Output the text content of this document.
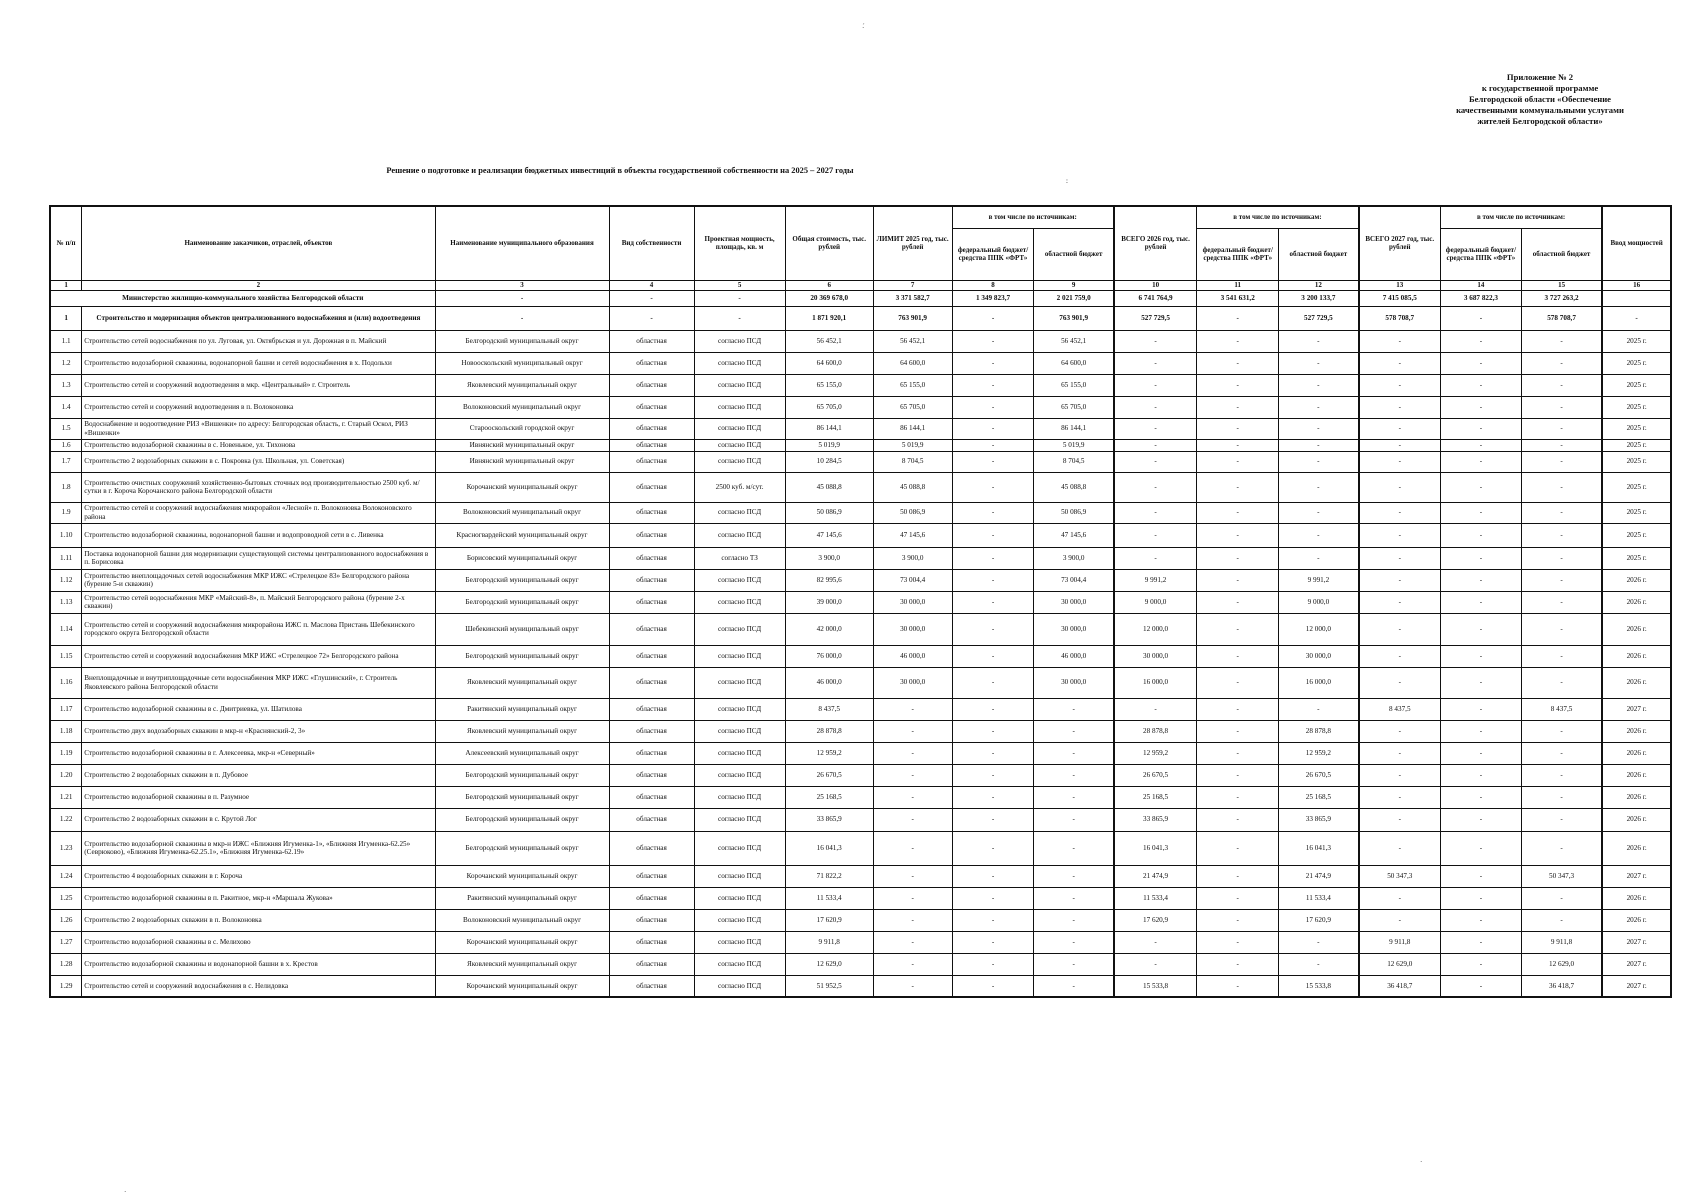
Приложение № 2
к государственной программе
Белгородской области «Обеспечение
качественными коммунальными услугами
жителей Белгородской области»
Решение о подготовке и реализации бюджетных инвестиций в объекты государственной собственности на 2025 – 2027 годы
:
·́
·
·
№ п/п	Наименование заказчиков, отраслей, объектов	Наименование муниципального образования	Вид собственности	Проектная мощность, площадь, кв. м	Общая стоимость, тыс. рублей	ЛИМИТ 2025 год, тыс. рублей	в том числе по источникам:		ВСЕГО 2026 год, тыс. рублей	в том числе по источникам:		ВСЕГО 2027 год, тыс. рублей	в том числе по источникам:		Ввод мощностей
							федеральный бюджет/ средства ППК «ФРТ»	областной бюджет		федеральный бюджет/ средства ППК «ФРТ»	областной бюджет		федеральный бюджет/ средства ППК «ФРТ»	областной бюджет	
1	2	3	4	5	6	7	8	9	10	11	12	13	14	15	16
Министерство жилищно-коммунального хозяйства Белгородской области		-	-	-	20 369 678,0	3 371 582,7	1 349 823,7	2 021 759,0	6 741 764,9	3 541 631,2	3 200 133,7	7 415 085,5	3 687 822,3	3 727 263,2	
1	Строительство и модернизация объектов централизованного водоснабжения и (или) водоотведения	-	-	-	1 871 920,1	763 901,9	-	763 901,9	527 729,5	-	527 729,5	578 708,7	-	578 708,7	-
1.1	Строительство сетей водоснабжения по ул. Луговая, ул. Октябрьская и ул. Дорожная в п. Майский	Белгородский муниципальный округ	областная	согласно ПСД	56 452,1	56 452,1	-	56 452,1	-	-	-	-	-	-	2025 г.
1.2	Строительство водозаборной скважины, водонапорной башни и сетей водоснабжения в х. Подольхи	Новооскольский муниципальный округ	областная	согласно ПСД	64 600,0	64 600,0	-	64 600,0	-	-	-	-	-	-	2025 г.
1.3	Строительство сетей и сооружений водоотведения в мкр. «Центральный» г. Строитель	Яковлевский муниципальный округ	областная	согласно ПСД	65 155,0	65 155,0	-	65 155,0	-	-	-	-	-	-	2025 г.
1.4	Строительство сетей и сооружений водоотведения в п. Волоконовка	Волоконовский муниципальный округ	областная	согласно ПСД	65 705,0	65 705,0	-	65 705,0	-	-	-	-	-	-	2025 г.
1.5	Водоснабжение и водоотведение РИЗ «Вишенки» по адресу: Белгородская область, г. Старый Оскол, РИЗ «Вишенки»	Старооскольский городской округ	областная	согласно ПСД	86 144,1	86 144,1	-	86 144,1	-	-	-	-	-	-	2025 г.
1.6	Строительство водозаборной скважины в с. Новенькое, ул. Тихонова	Ивнянский муниципальный округ	областная	согласно ПСД	5 019,9	5 019,9	-	5 019,9	-	-	-	-	-	-	2025 г.
1.7	Строительство 2 водозаборных скважин в с. Покровка (ул. Школьная, ул. Советская)	Ивнянский муниципальный округ	областная	согласно ПСД	10 284,5	8 704,5	-	8 704,5	-	-	-	-	-	-	2025 г.
1.8	Строительство очистных сооружений хозяйственно-бытовых сточных вод производительностью 2500 куб. м/сутки в г. Короча Корочанского района Белгородской области	Корочанский муниципальный округ	областная	2500 куб. м/сут.	45 088,8	45 088,8	-	45 088,8	-	-	-	-	-	-	2025 г.
1.9	Строительство сетей и сооружений водоснабжения микрорайон «Лесной» п. Волоконовка Волоконовского района	Волоконовский муниципальный округ	областная	согласно ПСД	50 086,9	50 086,9	-	50 086,9	-	-	-	-	-	-	2025 г.
1.10	Строительство водозаборной скважины, водонапорной башни и водопроводной сети в с. Ливенка	Красногвардейский муниципальный округ	областная	согласно ПСД	47 145,6	47 145,6	-	47 145,6	-	-	-	-	-	-	2025 г.
1.11	Поставка водонапорной башни для модернизации существующей системы централизованного водоснабжения в п. Борисовка	Борисовский муниципальный округ	областная	согласно ТЗ	3 900,0	3 900,0	-	3 900,0	-	-	-	-	-	-	2025 г.
1.12	Строительство внеплощадочных сетей водоснабжения МКР ИЖС «Стрелецкое 83» Белгородского района (бурение 5-и скважин)	Белгородский муниципальный округ	областная	согласно ПСД	82 995,6	73 004,4	-	73 004,4	9 991,2	-	9 991,2	-	-	-	2026 г.
1.13	Строительство сетей водоснабжения МКР «Майский-8», п. Майский Белгородского района (бурение 2-х скважин)	Белгородский муниципальный округ	областная	согласно ПСД	39 000,0	30 000,0	-	30 000,0	9 000,0	-	9 000,0	-	-	-	2026 г.
1.14	Строительство сетей и сооружений водоснабжения микрорайона ИЖС п. Маслова Пристань Шебекинского городского округа Белгородской области	Шебекинский муниципальный округ	областная	согласно ПСД	42 000,0	30 000,0	-	30 000,0	12 000,0	-	12 000,0	-	-	-	2026 г.
1.15	Строительство сетей и сооружений водоснабжения МКР ИЖС «Стрелецкое 72» Белгородского района	Белгородский муниципальный округ	областная	согласно ПСД	76 000,0	46 000,0	-	46 000,0	30 000,0	-	30 000,0	-	-	-	2026 г.
1.16	Внеплощадочные и внутриплощадочные сети водоснабжения МКР ИЖС «Глушинский», г. Строитель Яковлевского района Белгородской области	Яковлевский муниципальный округ	областная	согласно ПСД	46 000,0	30 000,0	-	30 000,0	16 000,0	-	16 000,0	-	-	-	2026 г.
1.17	Строительство водозаборной скважины в с. Дмитриевка, ул. Шатилова	Ракитянский муниципальный округ	областная	согласно ПСД	8 437,5	-	-	-	-	-	-	8 437,5	-	8 437,5	2027 г.
1.18	Строительство двух водозаборных скважин в мкр-н «Краснянский-2, 3»	Яковлевский муниципальный округ	областная	согласно ПСД	28 878,8	-	-	-	28 878,8	-	28 878,8	-	-	-	2026 г.
1.19	Строительство водозаборной скважины в г. Алексеевка, мкр-н «Северный»	Алексеевский муниципальный округ	областная	согласно ПСД	12 959,2	-	-	-	12 959,2	-	12 959,2	-	-	-	2026 г.
1.20	Строительство 2 водозаборных скважин в п. Дубовое	Белгородский муниципальный округ	областная	согласно ПСД	26 670,5	-	-	-	26 670,5	-	26 670,5	-	-	-	2026 г.
1.21	Строительство водозаборной скважины в п. Разумное	Белгородский муниципальный округ	областная	согласно ПСД	25 168,5	-	-	-	25 168,5	-	25 168,5	-	-	-	2026 г.
1.22	Строительство 2 водозаборных скважин в с. Крутой Лог	Белгородский муниципальный округ	областная	согласно ПСД	33 865,9	-	-	-	33 865,9	-	33 865,9	-	-	-	2026 г.
1.23	Строительство водозаборной скважины в мкр-н ИЖС «Ближняя Игуменка-1», «Ближняя Игуменка-62.25» (Севрюково), «Ближняя Игуменка-62.25.1», «Ближняя Игуменка-62.19»	Белгородский муниципальный округ	областная	согласно ПСД	16 041,3	-	-	-	16 041,3	-	16 041,3	-	-	-	2026 г.
1.24	Строительство 4 водозаборных скважин в г. Короча	Корочанский муниципальный округ	областная	согласно ПСД	71 822,2	-	-	-	21 474,9	-	21 474,9	50 347,3	-	50 347,3	2027 г.
1.25	Строительство водозаборной скважины в п. Ракитное, мкр-н «Маршала Жукова»	Ракитянский муниципальный округ	областная	согласно ПСД	11 533,4	-	-	-	11 533,4	-	11 533,4	-	-	-	2026 г.
1.26	Строительство 2 водозаборных скважин в п. Волоконовка	Волоконовский муниципальный округ	областная	согласно ПСД	17 620,9	-	-	-	17 620,9	-	17 620,9	-	-	-	2026 г.
1.27	Строительство водозаборной скважины в с. Мелихово	Корочанский муниципальный округ	областная	согласно ПСД	9 911,8	-	-	-	-	-	-	9 911,8	-	9 911,8	2027 г.
1.28	Строительство водозаборной скважины и водонапорной башни в х. Крестов	Яковлевский муниципальный округ	областная	согласно ПСД	12 629,0	-	-	-	-	-	-	12 629,0	-	12 629,0	2027 г.
1.29	Строительство сетей и сооружений водоснабжения в с. Нелидовка	Корочанский муниципальный округ	областная	согласно ПСД	51 952,5	-	-	-	15 533,8	-	15 533,8	36 418,7	-	36 418,7	2027 г.
